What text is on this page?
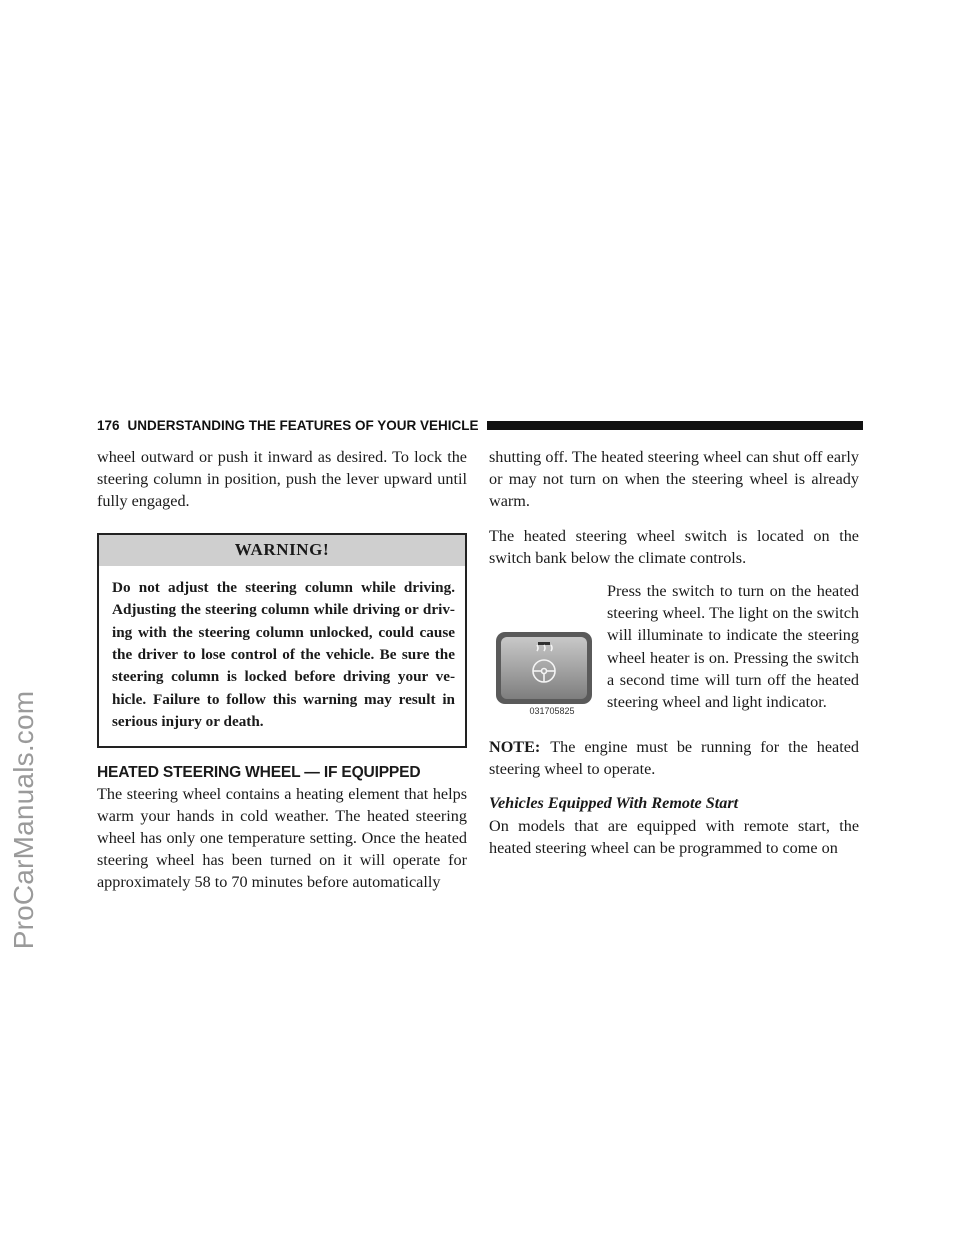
ProCarManuals.com
176 UNDERSTANDING THE FEATURES OF YOUR VEHICLE

wheel outward or push it inward as desired. To lock the steering column in position, push the lever upward until fully engaged.

WARNING!
Do not adjust the steering column while driving. Adjusting the steering column while driving or driv-ing with the steering column unlocked, could cause the driver to lose control of the vehicle. Be sure the steering column is locked before driving your ve-hicle. Failure to follow this warning may result in serious injury or death.
HEATED STEERING WHEEL — IF EQUIPPED

The steering wheel contains a heating element that helps warm your hands in cold weather. The heated steering wheel has only one temperature setting. Once the heated steering wheel has been turned on it will operate for approximately 58 to 70 minutes before automatically

shutting off. The heated steering wheel can shut off early or may not turn on when the steering wheel is already warm.

The heated steering wheel switch is located on the switch bank below the climate controls.

031705825

Press the switch to turn on the heated steering wheel. The light on the switch will illuminate to indicate the steering wheel heater is on. Pressing the switch a second time will turn off the heated steering wheel and light indicator.

NOTE: The engine must be running for the heated steering wheel to operate.

Vehicles Equipped With Remote Start

On models that are equipped with remote start, the heated steering wheel can be programmed to come on
